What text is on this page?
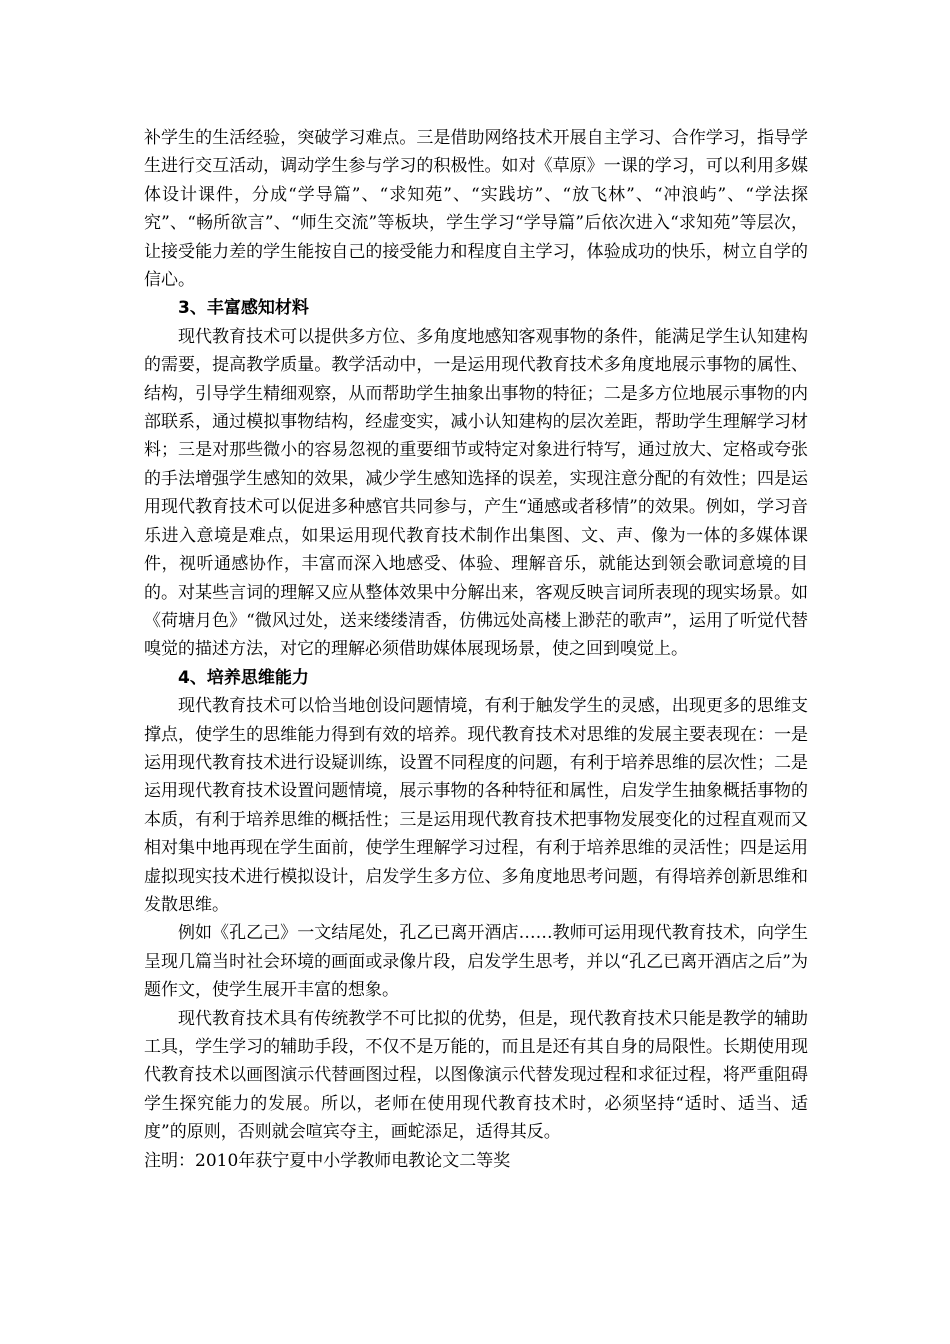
补学生的生活经验，突破学习难点。三是借助网络技术开展自主学习、合作学习，指导学生进行交互活动，调动学生参与学习的积极性。如对《草原》一课的学习，可以利用多媒体设计课件，分成“学导篇”、“求知苑”、“实践坊”、“放飞林”、“冲浪屿”、“学法探究”、“畅所欲言”、“师生交流”等板块，学生学习“学导篇”后依次进入“求知苑”等层次，让接受能力差的学生能按自己的接受能力和程度自主学习，体验成功的快乐，树立自学的信心。

3、丰富感知材料

现代教育技术可以提供多方位、多角度地感知客观事物的条件，能满足学生认知建构的需要，提高教学质量。教学活动中，一是运用现代教育技术多角度地展示事物的属性、结构，引导学生精细观察，从而帮助学生抽象出事物的特征；二是多方位地展示事物的内部联系，通过模拟事物结构，经虚变实，减小认知建构的层次差距，帮助学生理解学习材料；三是对那些微小的容易忽视的重要细节或特定对象进行特写，通过放大、定格或夸张的手法增强学生感知的效果，减少学生感知选择的误差，实现注意分配的有效性；四是运用现代教育技术可以促进多种感官共同参与，产生“通感或者移情”的效果。例如，学习音乐进入意境是难点，如果运用现代教育技术制作出集图、文、声、像为一体的多媒体课件，视听通感协作，丰富而深入地感受、体验、理解音乐，就能达到领会歌词意境的目的。对某些言词的理解又应从整体效果中分解出来，客观反映言词所表现的现实场景。如《荷塘月色》“微风过处，送来缕缕清香，仿佛远处高楼上渺茫的歌声”，运用了听觉代替嗅觉的描述方法，对它的理解必须借助媒体展现场景，使之回到嗅觉上。

4、培养思维能力

现代教育技术可以恰当地创设问题情境，有利于触发学生的灵感，出现更多的思维支撑点，使学生的思维能力得到有效的培养。现代教育技术对思维的发展主要表现在：一是运用现代教育技术进行设疑训练，设置不同程度的问题，有利于培养思维的层次性；二是运用现代教育技术设置问题情境，展示事物的各种特征和属性，启发学生抽象概括事物的本质，有利于培养思维的概括性；三是运用现代教育技术把事物发展变化的过程直观而又相对集中地再现在学生面前，使学生理解学习过程，有利于培养思维的灵活性；四是运用虚拟现实技术进行模拟设计，启发学生多方位、多角度地思考问题，有得培养创新思维和发散思维。

例如《孔乙己》一文结尾处，孔乙已离开酒店……教师可运用现代教育技术，向学生呈现几篇当时社会环境的画面或录像片段，启发学生思考，并以“孔乙已离开酒店之后”为题作文，使学生展开丰富的想象。

现代教育技术具有传统教学不可比拟的优势，但是，现代教育技术只能是教学的辅助工具，学生学习的辅助手段，不仅不是万能的，而且是还有其自身的局限性。长期使用现代教育技术以画图演示代替画图过程，以图像演示代替发现过程和求征过程，将严重阻碍学生探究能力的发展。所以，老师在使用现代教育技术时，必须坚持“适时、适当、适度”的原则，否则就会喧宾夺主，画蛇添足，适得其反。

注明：2010年获宁夏中小学教师电教论文二等奖
